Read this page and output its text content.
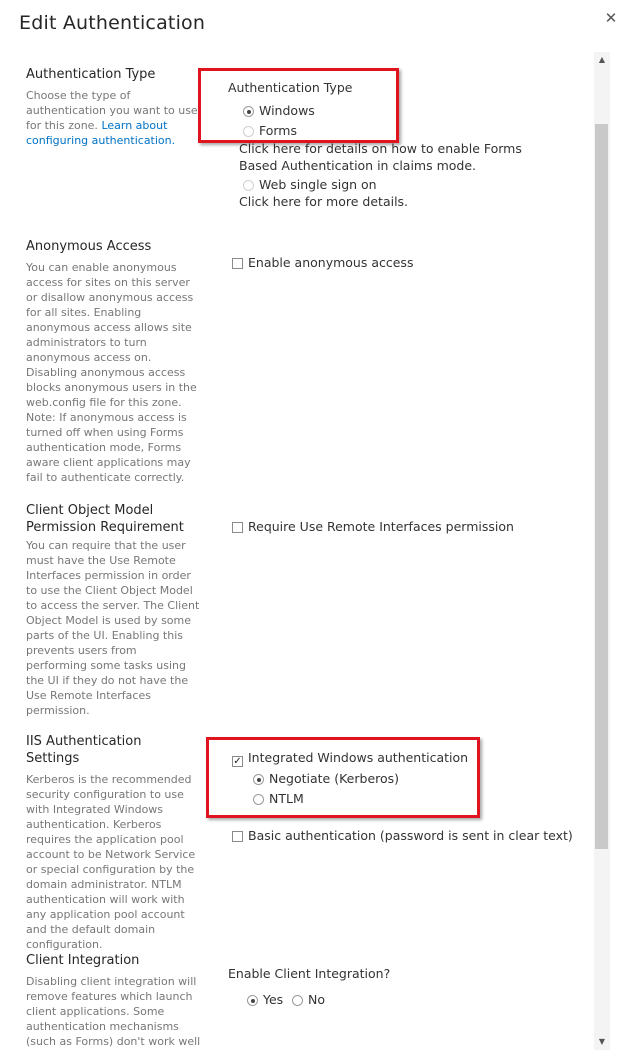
Edit Authentication	✕
▲
▼
Authentication Type
Choose the type of authentication you want to use for this zone. Learn about configuring authentication.
Authentication Type
Windows
Forms
Click here for details on how to enable Forms Based Authentication in claims mode.
Web single sign on
Click here for more details.
Anonymous Access
You can enable anonymous access for sites on this server or disallow anonymous access for all sites. Enabling anonymous access allows site administrators to turn anonymous access on. Disabling anonymous access blocks anonymous users in the web.config file for this zone. Note: If anonymous access is turned off when using Forms authentication mode, Forms aware client applications may fail to authenticate correctly.
Enable anonymous access
Client Object Model Permission Requirement
You can require that the user must have the Use Remote Interfaces permission in order to use the Client Object Model to access the server. The Client Object Model is used by some parts of the UI. Enabling this prevents users from performing some tasks using the UI if they do not have the Use Remote Interfaces permission.
Require Use Remote Interfaces permission
IIS Authentication Settings
Kerberos is the recommended security configuration to use with Integrated Windows authentication. Kerberos requires the application pool account to be Network Service or special configuration by the domain administrator. NTLM authentication will work with any application pool account and the default domain configuration.
✓ Integrated Windows authentication
Negotiate (Kerberos)
NTLM
Basic authentication (password is sent in clear text)
Client Integration
Disabling client integration will remove features which launch client applications. Some authentication mechanisms (such as Forms) don't work well
Enable Client Integration?
Yes	No
